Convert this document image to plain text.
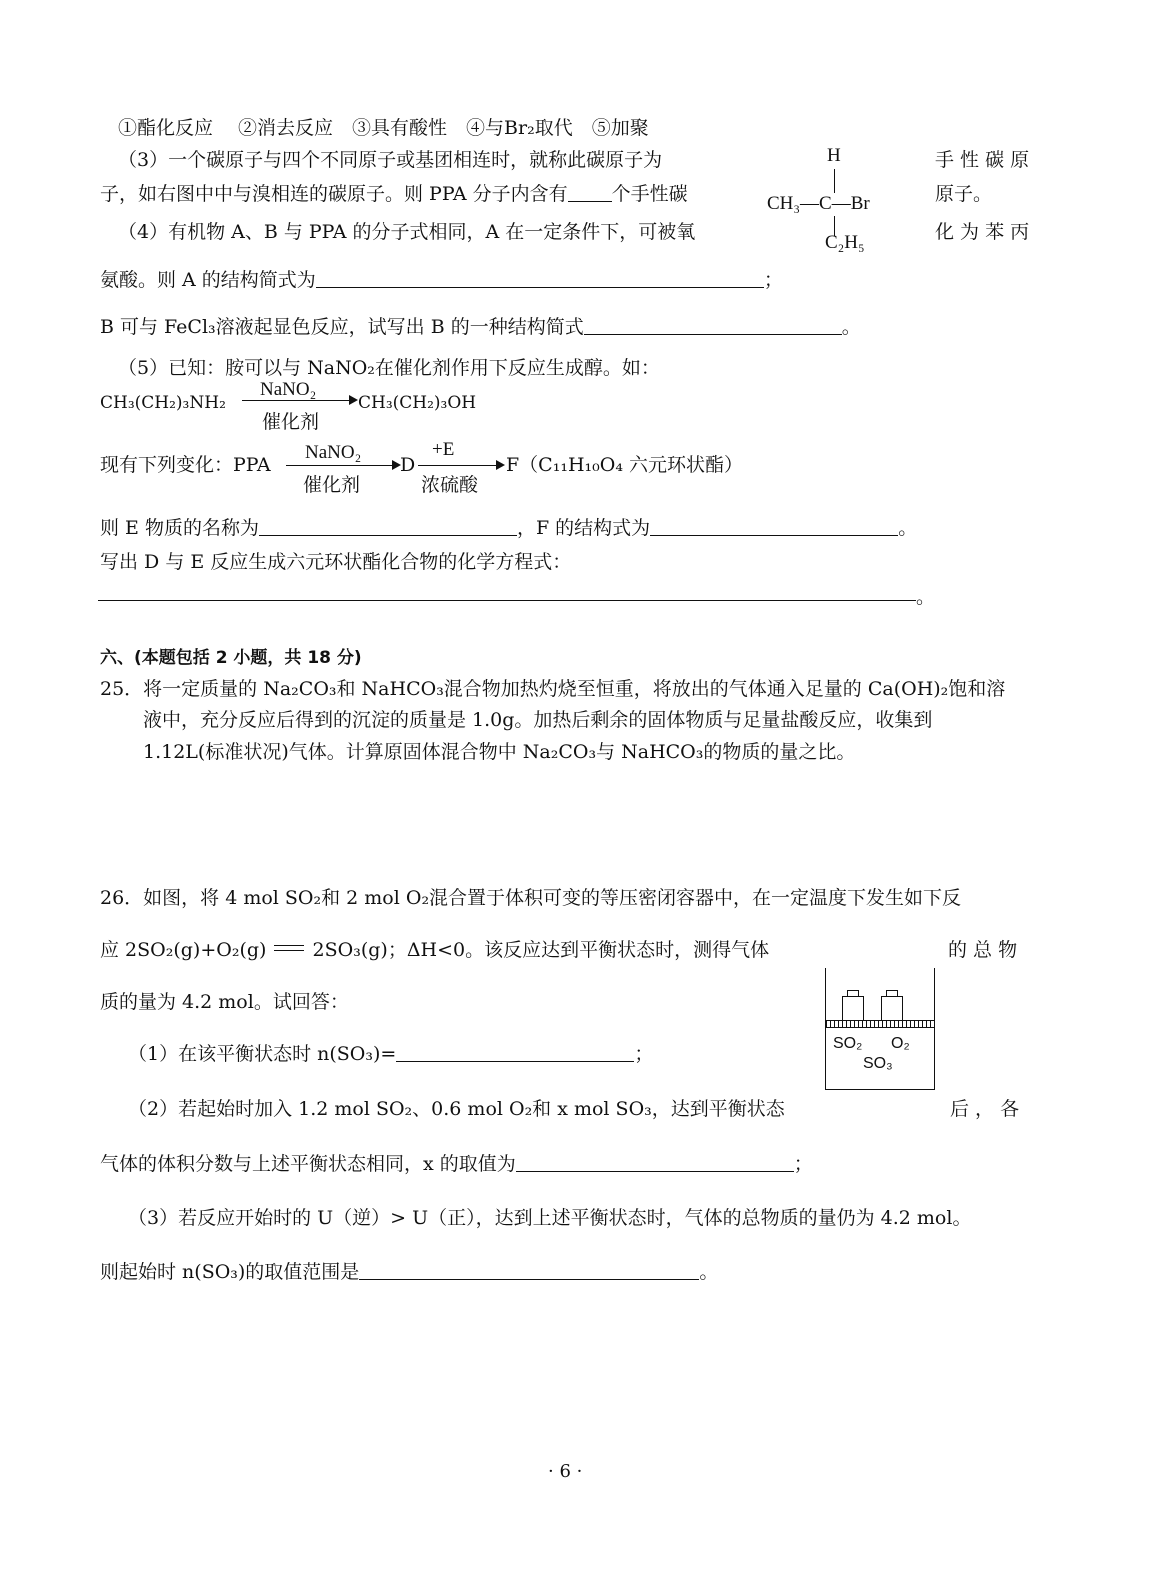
①酯化反应　 ②消去反应　③具有酸性　④与Br₂取代　⑤加聚
（3）一个碳原子与四个不同原子或基团相连时，就称此碳原子为	手 性 碳 原
子，如右图中中与溴相连的碳原子。则 PPA 分子内含有 个手性碳	原子。
H
CH₃—C—Br
C₂H₅
（4）有机物 A、B 与 PPA 的分子式相同，A 在一定条件下，可被氧	化 为 苯 丙
氨酸。则 A 的结构简式为	；
B 可与 FeCl₃溶液起显色反应，试写出 B 的一种结构简式	。
（5）已知：胺可以与 NaNO₂在催化剂作用下反应生成醇。如：
CH₃(CH₂)₃NH₂
NaNO₂
催化剂
CH₃(CH₂)₃OH
现有下列变化：PPA
NaNO₂
催化剂
D
+E
浓硫酸
F（C₁₁H₁₀O₄ 六元环状酯）
则 E 物质的名称为	，F 的结构式为	。
写出 D 与 E 反应生成六元环状酯化合物的化学方程式：
。
六、(本题包括 2 小题，共 18 分)
25．将一定质量的 Na₂CO₃和 NaHCO₃混合物加热灼烧至恒重，将放出的气体通入足量的 Ca(OH)₂饱和溶
液中，充分反应后得到的沉淀的质量是 1.0g。加热后剩余的固体物质与足量盐酸反应，收集到
1.12L(标准状况)气体。计算原固体混合物中 Na₂CO₃与 NaHCO₃的物质的量之比。
26．如图，将 4 mol SO₂和 2 mol O₂混合置于体积可变的等压密闭容器中，在一定温度下发生如下反
应 2SO₂(g)+O₂(g) 2SO₃(g)；ΔH<0。该反应达到平衡状态时，测得气体	的 总 物
质的量为 4.2 mol。试回答：
SO₂ O₂
SO₃
（1）在该平衡状态时 n(SO₃)=	；
（2）若起始时加入 1.2 mol SO₂、0.6 mol O₂和 x mol SO₃，达到平衡状态	后 ， 各
气体的体积分数与上述平衡状态相同，x 的取值为	；
（3）若反应开始时的 U（逆）> U（正），达到上述平衡状态时，气体的总物质的量仍为 4.2 mol。
则起始时 n(SO₃)的取值范围是	。
· 6 ·
